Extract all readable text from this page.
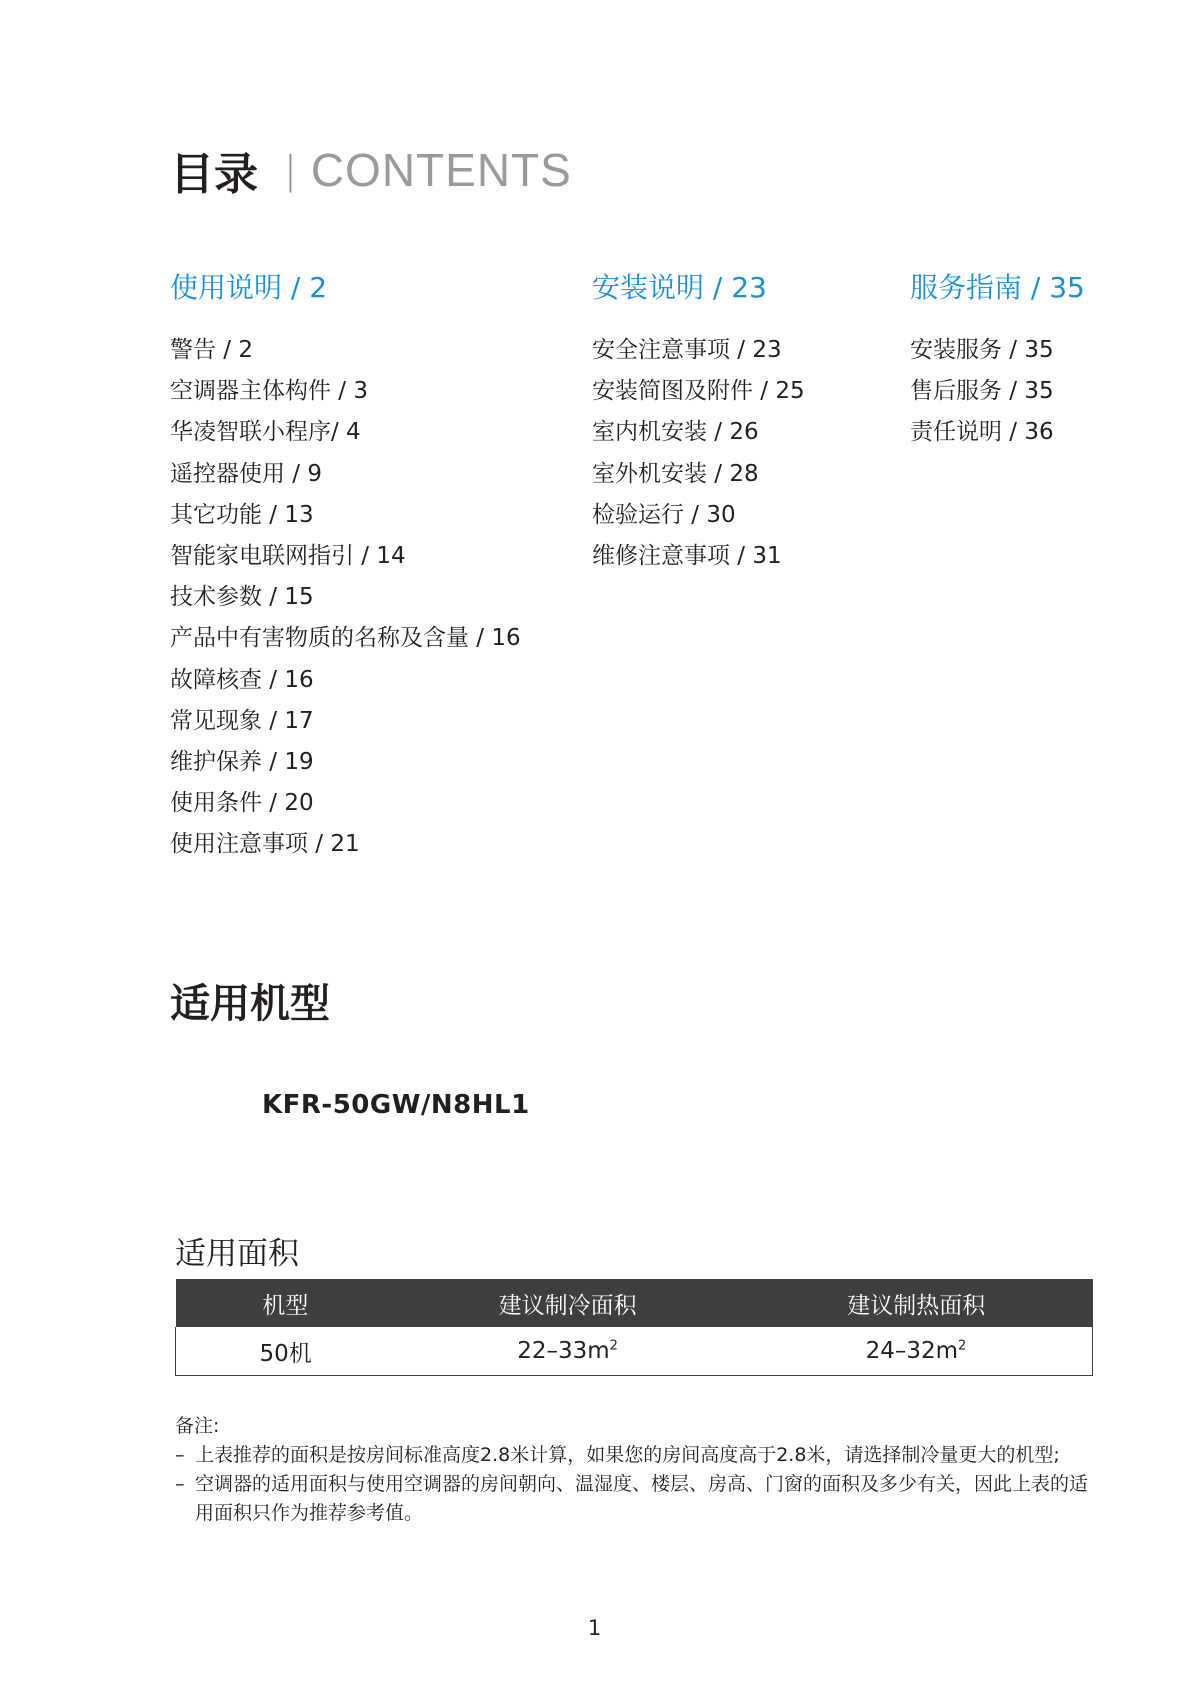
目录 | CONTENTS
使用说明 / 2
警告 / 2
空调器主体构件 / 3
华凌智联小程序/ 4
遥控器使用 / 9
其它功能 / 13
智能家电联网指引 / 14
技术参数 / 15
产品中有害物质的名称及含量 / 16
故障核查 / 16
常见现象 / 17
维护保养 / 19
使用条件 / 20
使用注意事项 / 21
安装说明 / 23
安全注意事项 / 23
安装简图及附件 / 25
室内机安装 / 26
室外机安装 / 28
检验运行 / 30
维修注意事项 / 31
服务指南 / 35
安装服务 / 35
售后服务 / 35
责任说明 / 36
适用机型
KFR-50GW/N8HL1
适用面积
机型	建议制冷面积	建议制热面积
50机	$22-33m^2$	$24-32m^2$
备注:
– 上表推荐的面积是按房间标准高度2.8米计算，如果您的房间高度高于2.8米，请选择制冷量更大的机型;
– 空调器的适用面积与使用空调器的房间朝向、温湿度、楼层、房高、门窗的面积及多少有关，因此上表的适用面积只作为推荐参考值。
1
